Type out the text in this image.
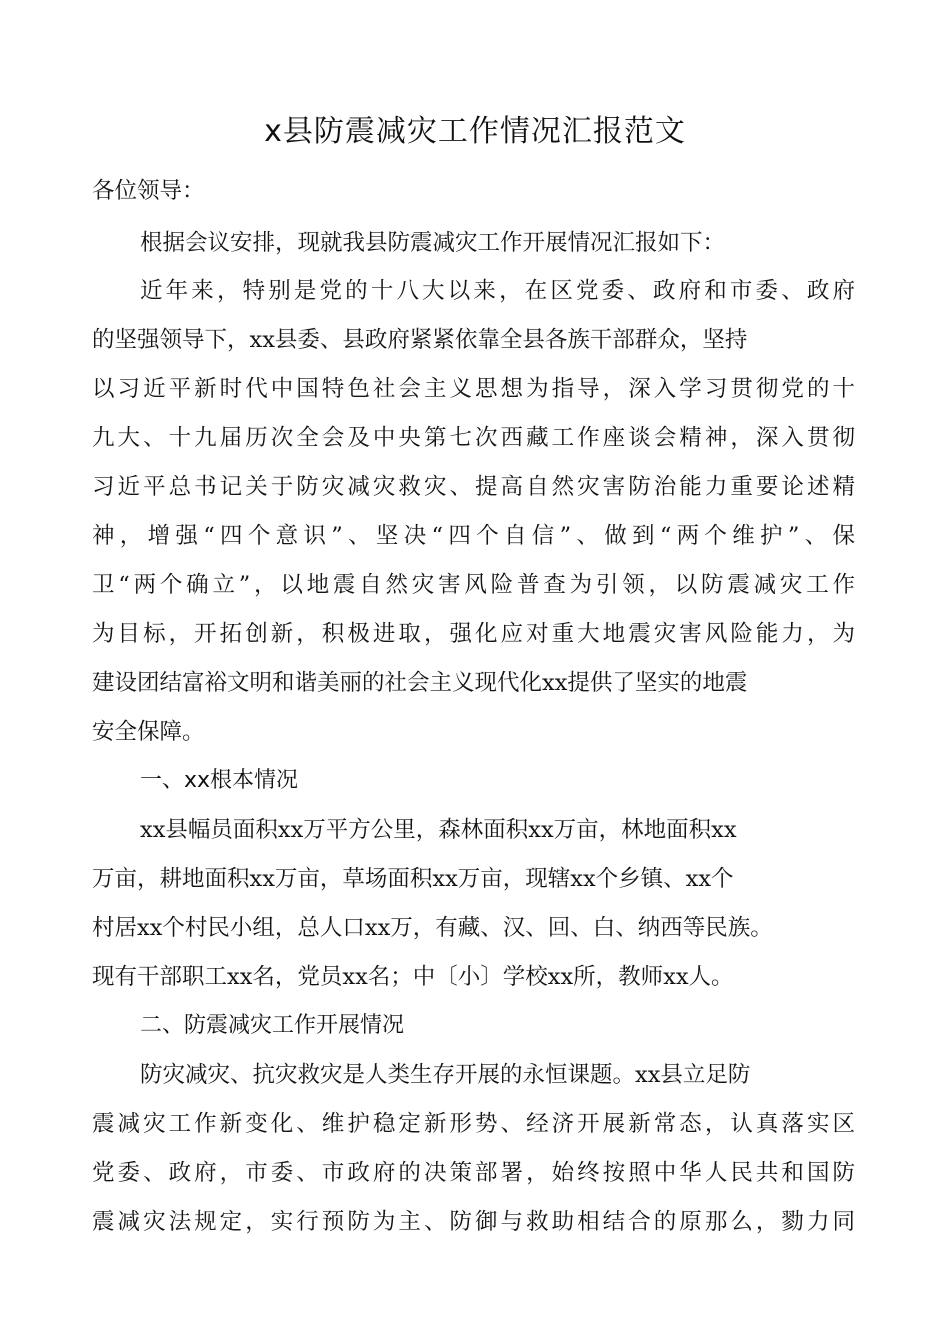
x县防震减灾工作情况汇报范文
各位领导：
根据会议安排，现就我县防震减灾工作开展情况汇报如下：
近年来，特别是党的十八大以来，在区党委、政府和市委、政府
的坚强领导下，xx县委、县政府紧紧依靠全县各族干部群众，坚持
以习近平新时代中国特色社会主义思想为指导，深入学习贯彻党的十
九大、十九届历次全会及中央第七次西藏工作座谈会精神，深入贯彻
习近平总书记关于防灾减灾救灾、提高自然灾害防治能力重要论述精
神，增强“四个意识”、坚决“四个自信”、做到“两个维护”、保
卫“两个确立”，以地震自然灾害风险普查为引领，以防震减灾工作
为目标，开拓创新，积极进取，强化应对重大地震灾害风险能力，为
建设团结富裕文明和谐美丽的社会主义现代化xx提供了坚实的地震
安全保障。
一、xx根本情况
xx县幅员面积xx万平方公里，森林面积xx万亩，林地面积xx
万亩，耕地面积xx万亩，草场面积xx万亩，现辖xx个乡镇、xx个
村居xx个村民小组，总人口xx万，有藏、汉、回、白、纳西等民族。
现有干部职工xx名，党员xx名；中〔小〕学校xx所，教师xx人。
二、防震减灾工作开展情况
防灾减灾、抗灾救灾是人类生存开展的永恒课题。xx县立足防
震减灾工作新变化、维护稳定新形势、经济开展新常态，认真落实区
党委、政府，市委、市政府的决策部署，始终按照中华人民共和国防
震减灾法规定，实行预防为主、防御与救助相结合的原那么，勠力同
